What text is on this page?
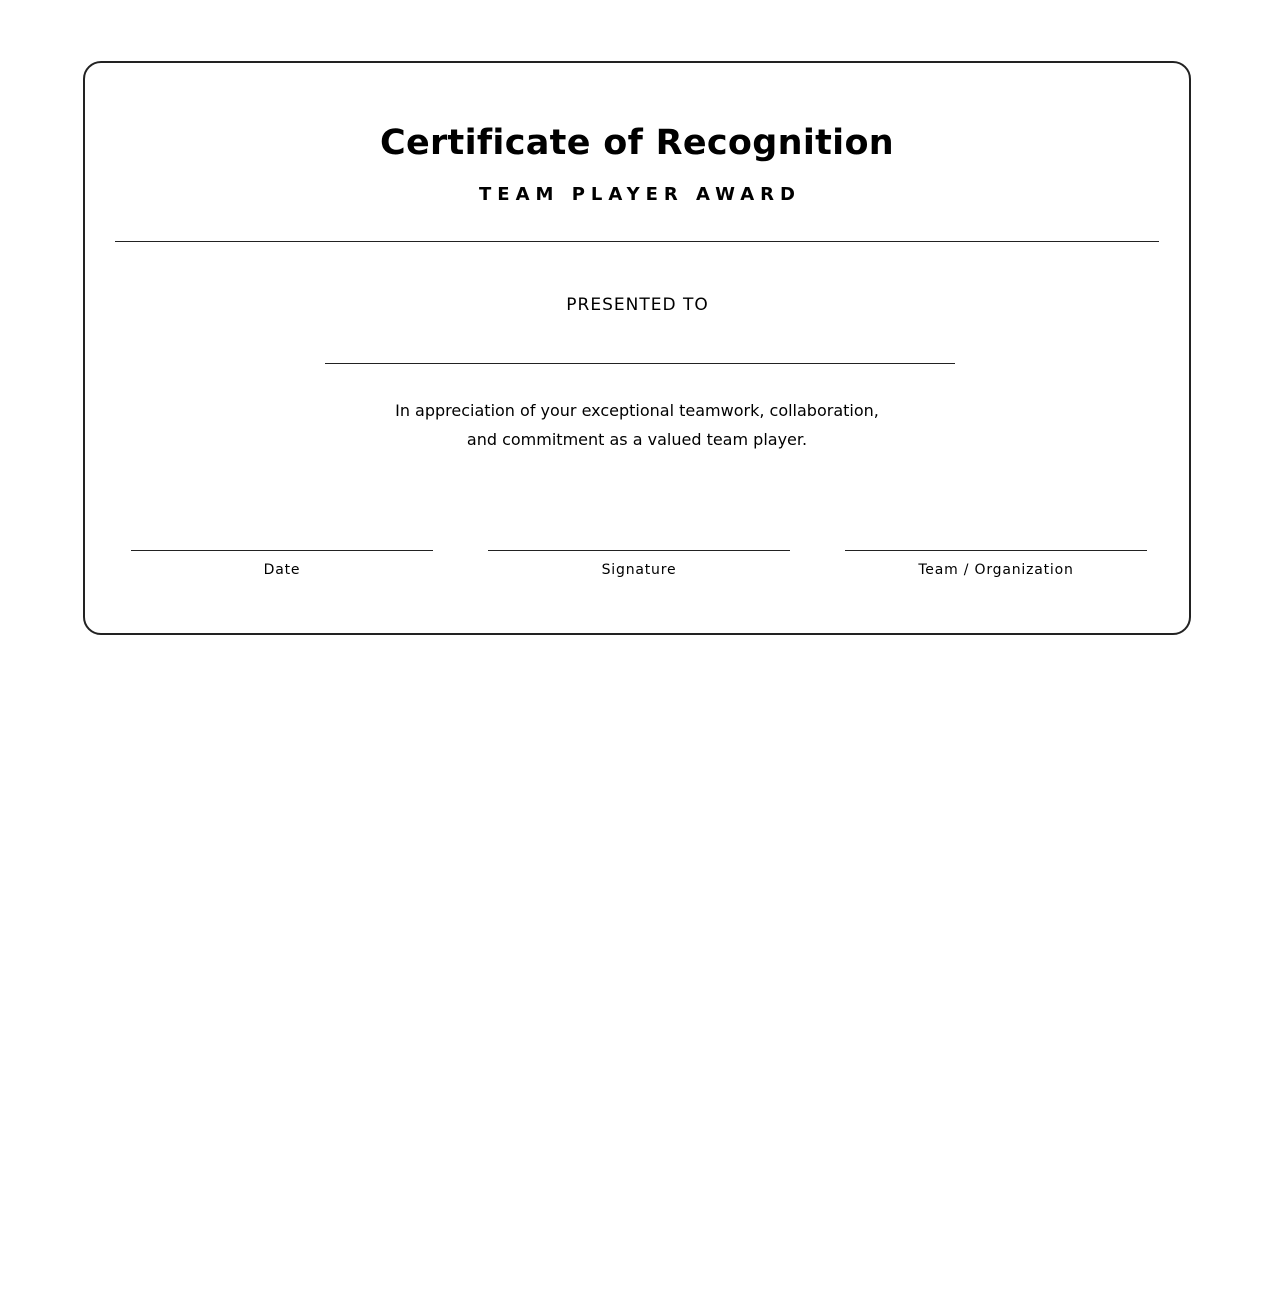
Certificate of Recognition
TEAM PLAYER AWARD
PRESENTED TO
In appreciation of your exceptional teamwork, collaboration,
and commitment as a valued team player.
Date	Signature	Team / Organization
